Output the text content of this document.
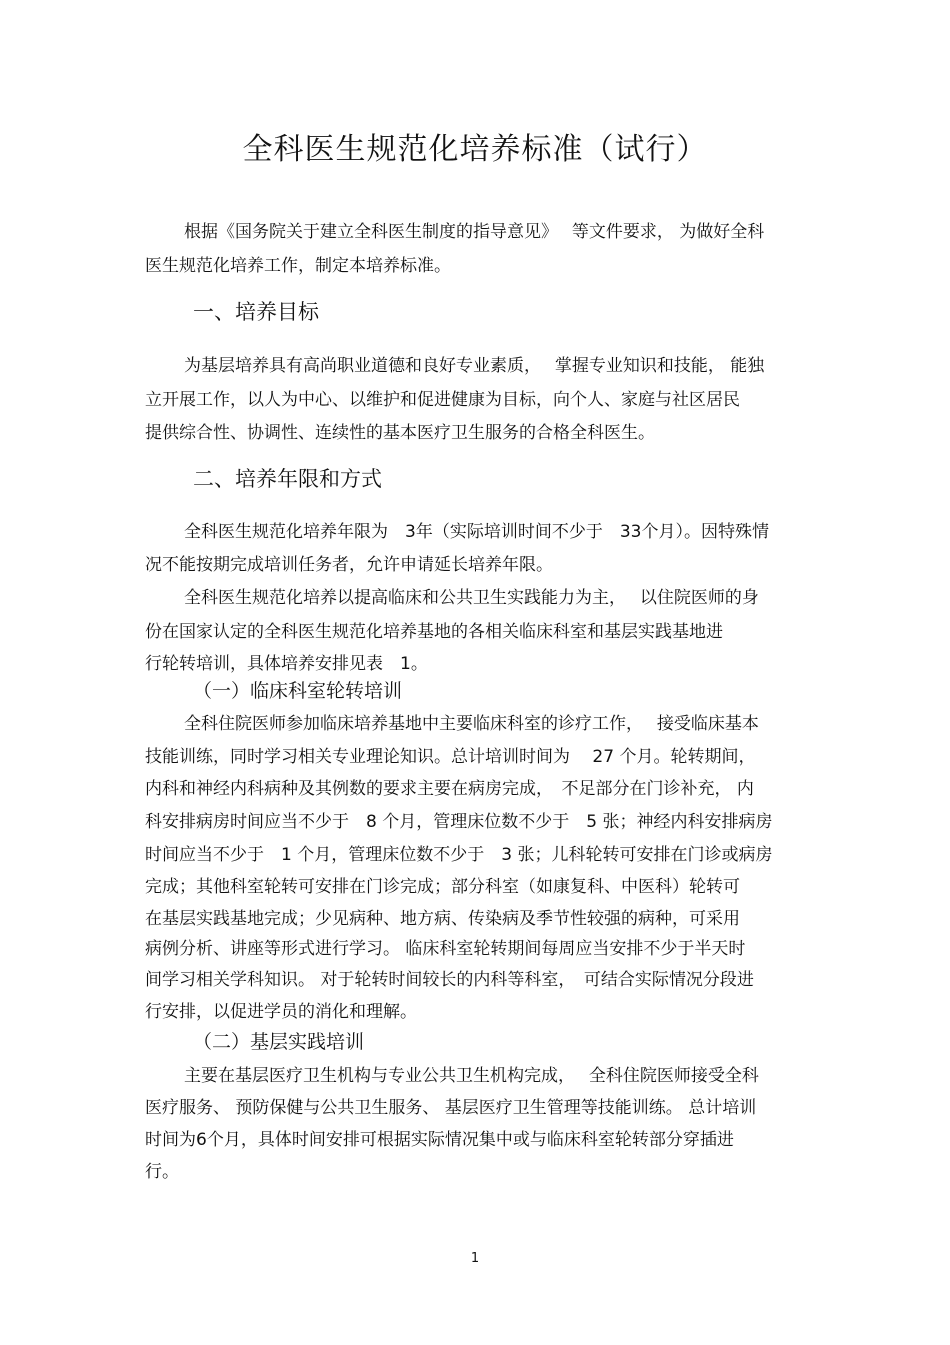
全科医生规范化培养标准（试行）

根据《国务院关于建立全科医生制度的指导意见》　 等文件要求， 为做好全科

医生规范化培养工作，制定本培养标准。

一、培养目标

为基层培养具有高尚职业道德和良好专业素质，　 掌握专业知识和技能， 能独

立开展工作，以人为中心、以维护和促进健康为目标，向个人、家庭与社区居民

提供综合性、协调性、连续性的基本医疗卫生服务的合格全科医生。

二、培养年限和方式

全科医生规范化培养年限为　3年（实际培训时间不少于　33个月）。因特殊情

况不能按期完成培训任务者，允许申请延长培养年限。

全科医生规范化培养以提高临床和公共卫生实践能力为主，　 以住院医师的身

份在国家认定的全科医生规范化培养基地的各相关临床科室和基层实践基地进

行轮转培训，具体培养安排见表　1。

（一）临床科室轮转培训

全科住院医师参加临床培养基地中主要临床科室的诊疗工作，　 接受临床基本

技能训练，同时学习相关专业理论知识。总计培训时间为　 27 个月。轮转期间，

内科和神经内科病种及其例数的要求主要在病房完成，　不足部分在门诊补充， 内

科安排病房时间应当不少于　8 个月，管理床位数不少于　5 张；神经内科安排病房

时间应当不少于　1 个月，管理床位数不少于　3 张；儿科轮转可安排在门诊或病房

完成；其他科室轮转可安排在门诊完成；部分科室（如康复科、中医科）轮转可

在基层实践基地完成；少见病种、地方病、传染病及季节性较强的病种，可采用

病例分析、讲座等形式进行学习。 临床科室轮转期间每周应当安排不少于半天时

间学习相关学科知识。 对于轮转时间较长的内科等科室，　可结合实际情况分段进

行安排，以促进学员的消化和理解。

（二）基层实践培训

主要在基层医疗卫生机构与专业公共卫生机构完成，　 全科住院医师接受全科

医疗服务、 预防保健与公共卫生服务、 基层医疗卫生管理等技能训练。 总计培训

时间为6个月，具体时间安排可根据实际情况集中或与临床科室轮转部分穿插进

行。

1
